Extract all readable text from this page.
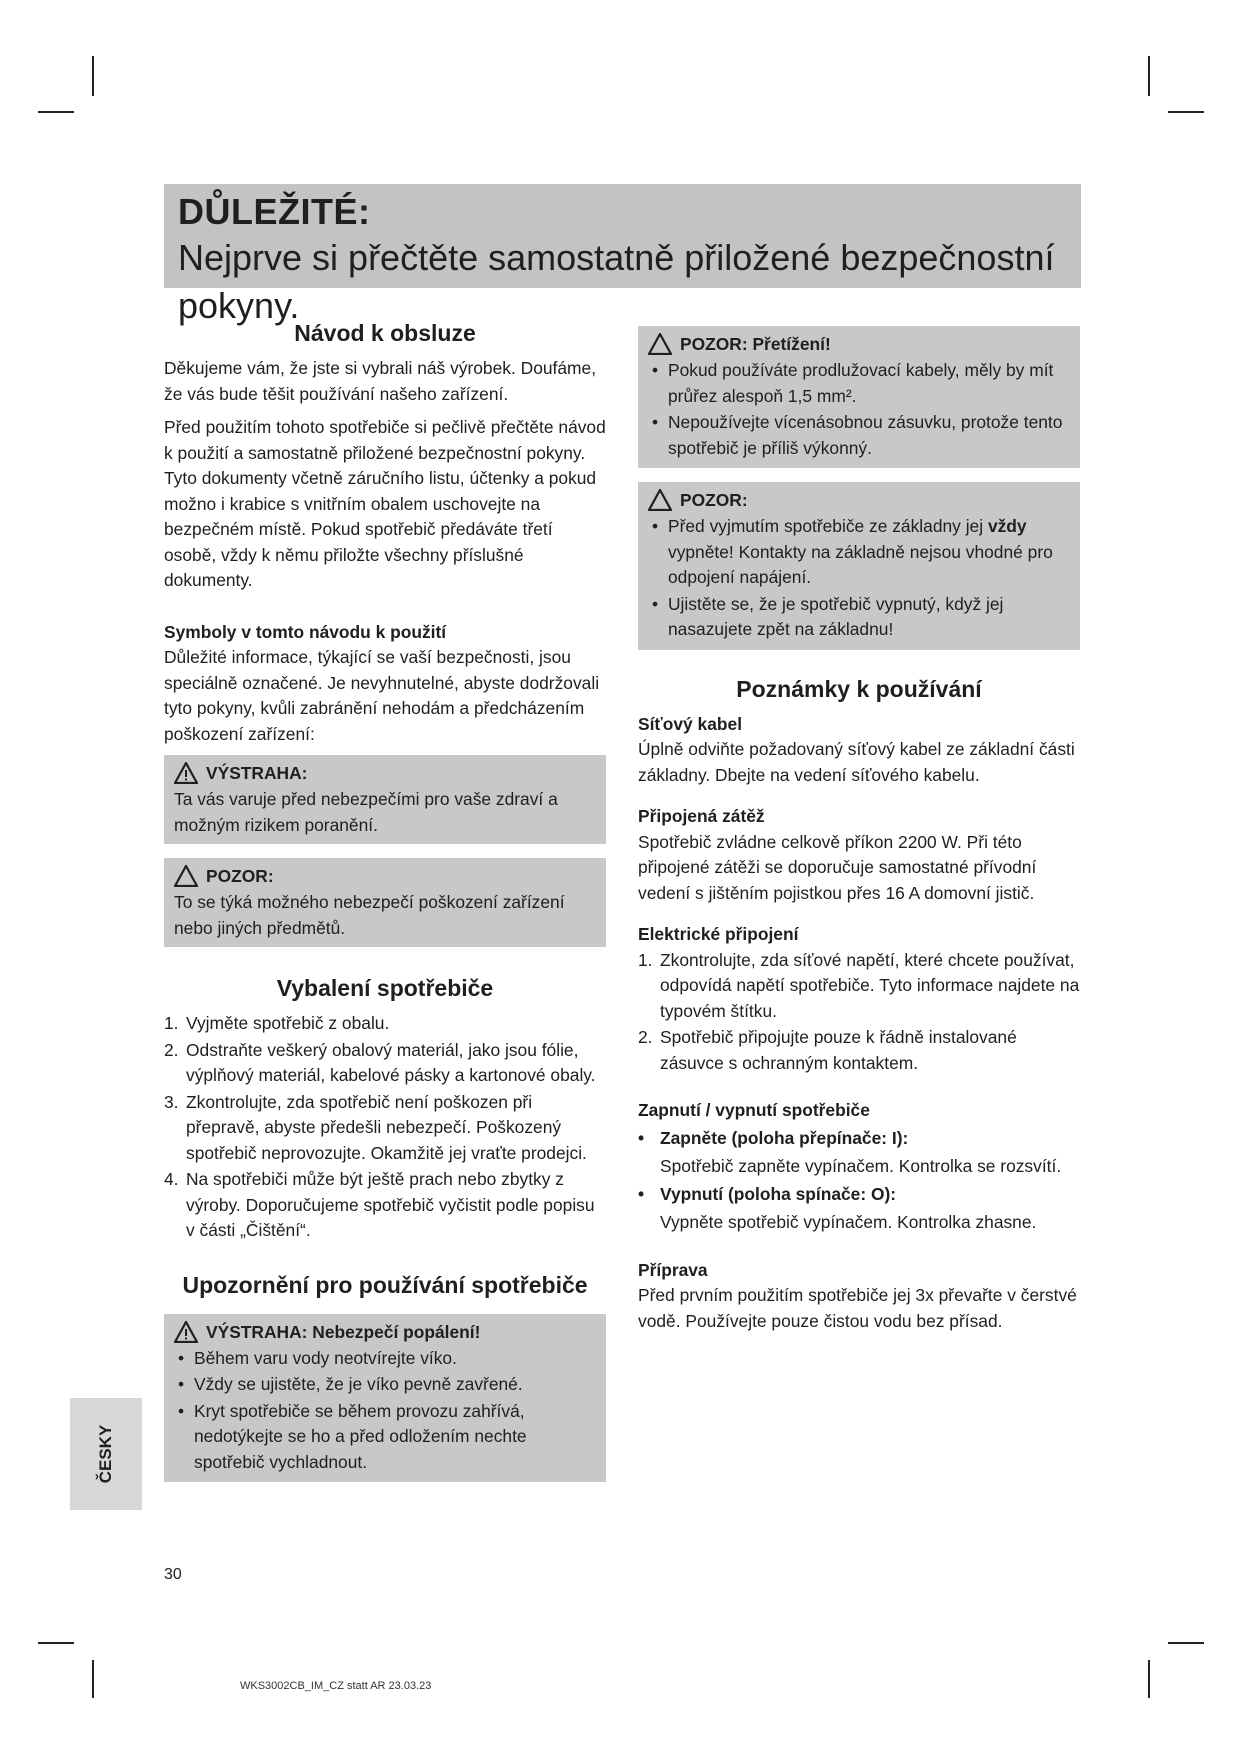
DŮLEŽITÉ:
Nejprve si přečtěte samostatně přiložené bezpečnostní pokyny.
Návod k obsluze

Děkujeme vám, že jste si vybrali náš výrobek. Doufáme, že vás bude těšit používání našeho zařízení.

Před použitím tohoto spotřebiče si pečlivě přečtěte návod k použití a samostatně přiložené bezpečnostní pokyny. Tyto dokumenty včetně záručního listu, účtenky a pokud možno i krabice s vnitřním obalem uschovejte na bezpečném místě. Pokud spotřebič předáváte třetí osobě, vždy k němu přiložte všechny příslušné dokumenty.

Symboly v tomto návodu k použití

Důležité informace, týkající se vaší bezpečnosti, jsou speciálně označené. Je nevyhnutelné, abyste dodržovali tyto pokyny, kvůli zabránění nehodám a předcházením poškození zařízení:

VÝSTRAHA:

Ta vás varuje před nebezpečími pro vaše zdraví a možným rizikem poranění.

POZOR:

To se týká možného nebezpečí poškození zařízení nebo jiných předmětů.

Vybalení spotřebiče
1. Vyjměte spotřebič z obalu.
2. Odstraňte veškerý obalový materiál, jako jsou fólie, výplňový materiál, kabelové pásky a kartonové obaly.
3. Zkontrolujte, zda spotřebič není poškozen při přepravě, abyste předešli nebezpečí. Poškozený spotřebič neprovozujte. Okamžitě jej vraťte prodejci.
4. Na spotřebiči může být ještě prach nebo zbytky z výroby. Doporučujeme spotřebič vyčistit podle popisu v části „Čištění“.
Upozornění pro používání spotřebiče
VÝSTRAHA: Nebezpečí popálení!
• Během varu vody neotvírejte víko.
• Vždy se ujistěte, že je víko pevně zavřené.
• Kryt spotřebiče se během provozu zahřívá, nedotýkejte se ho a před odložením nechte spotřebič vychladnout.
POZOR: Přetížení!
• Pokud používáte prodlužovací kabely, měly by mít průřez alespoň 1,5 mm².
• Nepoužívejte vícenásobnou zásuvku, protože tento spotřebič je příliš výkonný.
POZOR:
• Před vyjmutím spotřebiče ze základny jej vždy vypněte! Kontakty na základně nejsou vhodné pro odpojení napájení.
• Ujistěte se, že je spotřebič vypnutý, když jej nasazujete zpět na základnu!
Poznámky k používání
Síťový kabel

Úplně odviňte požadovaný síťový kabel ze základní části základny. Dbejte na vedení síťového kabelu.

Připojená zátěž

Spotřebič zvládne celkově příkon 2200 W. Při této připojené zátěži se doporučuje samostatné přívodní vedení s jištěním pojistkou přes 16 A domovní jistič.

Elektrické připojení
1. Zkontrolujte, zda síťové napětí, které chcete používat, odpovídá napětí spotřebiče. Tyto informace najdete na typovém štítku.
2. Spotřebič připojujte pouze k řádně instalované zásuvce s ochranným kontaktem.
Zapnutí / vypnutí spotřebiče
• Zapněte (poloha přepínače: I):
Spotřebič zapněte vypínačem. Kontrolka se rozsvítí.
• Vypnutí (poloha spínače: O):
Vypněte spotřebič vypínačem. Kontrolka zhasne.
Příprava

Před prvním použitím spotřebiče jej 3x převařte v čerstvé vodě. Používejte pouze čistou vodu bez přísad.

ČESKY
30
WKS3002CB_IM_CZ statt AR 23.03.23
